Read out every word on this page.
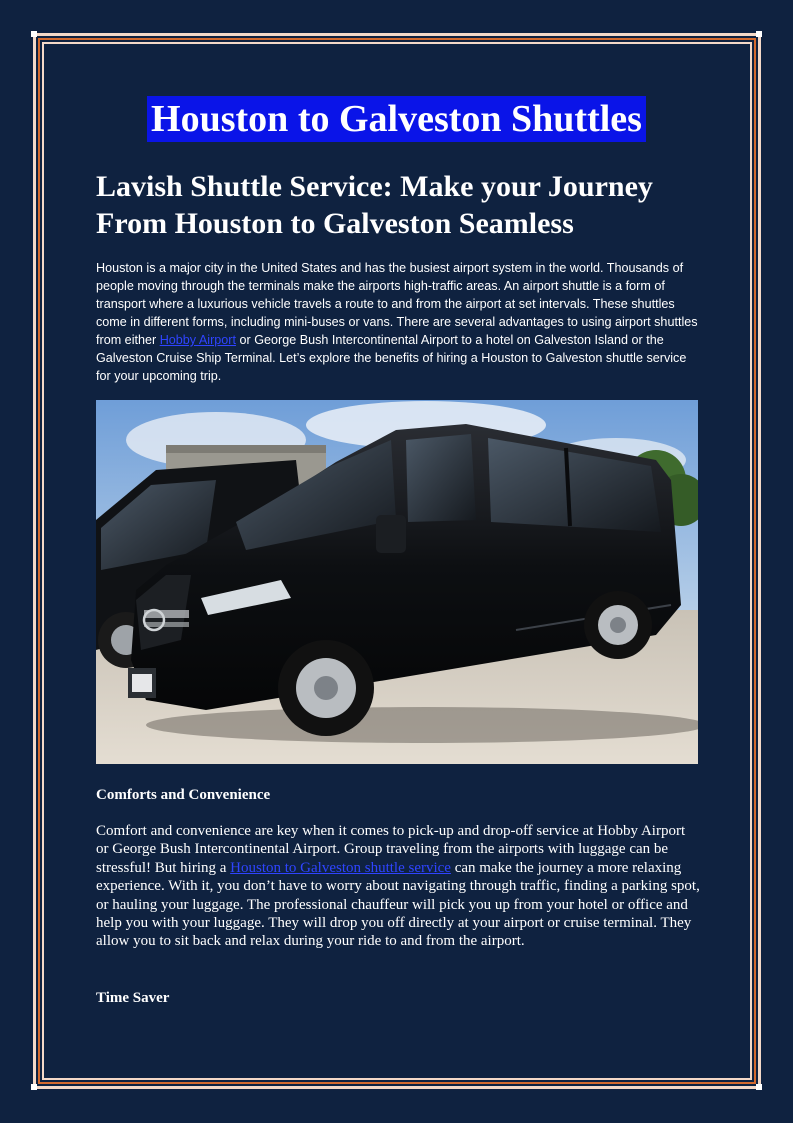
Houston to Galveston Shuttles
Lavish Shuttle Service: Make your Journey From Houston to Galveston Seamless

Houston is a major city in the United States and has the busiest airport system in the world. Thousands of people moving through the terminals make the airports high-traffic areas. An airport shuttle is a form of transport where a luxurious vehicle travels a route to and from the airport at set intervals. These shuttles come in different forms, including mini-buses or vans. There are several advantages to using airport shuttles from either Hobby Airport or George Bush Intercontinental Airport to a hotel on Galveston Island or the Galveston Cruise Ship Terminal. Let’s explore the benefits of hiring a Houston to Galveston shuttle service for your upcoming trip.

Comforts and Convenience

Comfort and convenience are key when it comes to pick-up and drop-off service at Hobby Airport or George Bush Intercontinental Airport. Group traveling from the airports with luggage can be stressful! But hiring a Houston to Galveston shuttle service can make the journey a more relaxing experience. With it, you don’t have to worry about navigating through traffic, finding a parking spot, or hauling your luggage. The professional chauffeur will pick you up from your hotel or office and help you with your luggage. They will drop you off directly at your airport or cruise terminal. They allow you to sit back and relax during your ride to and from the airport.

Time Saver
